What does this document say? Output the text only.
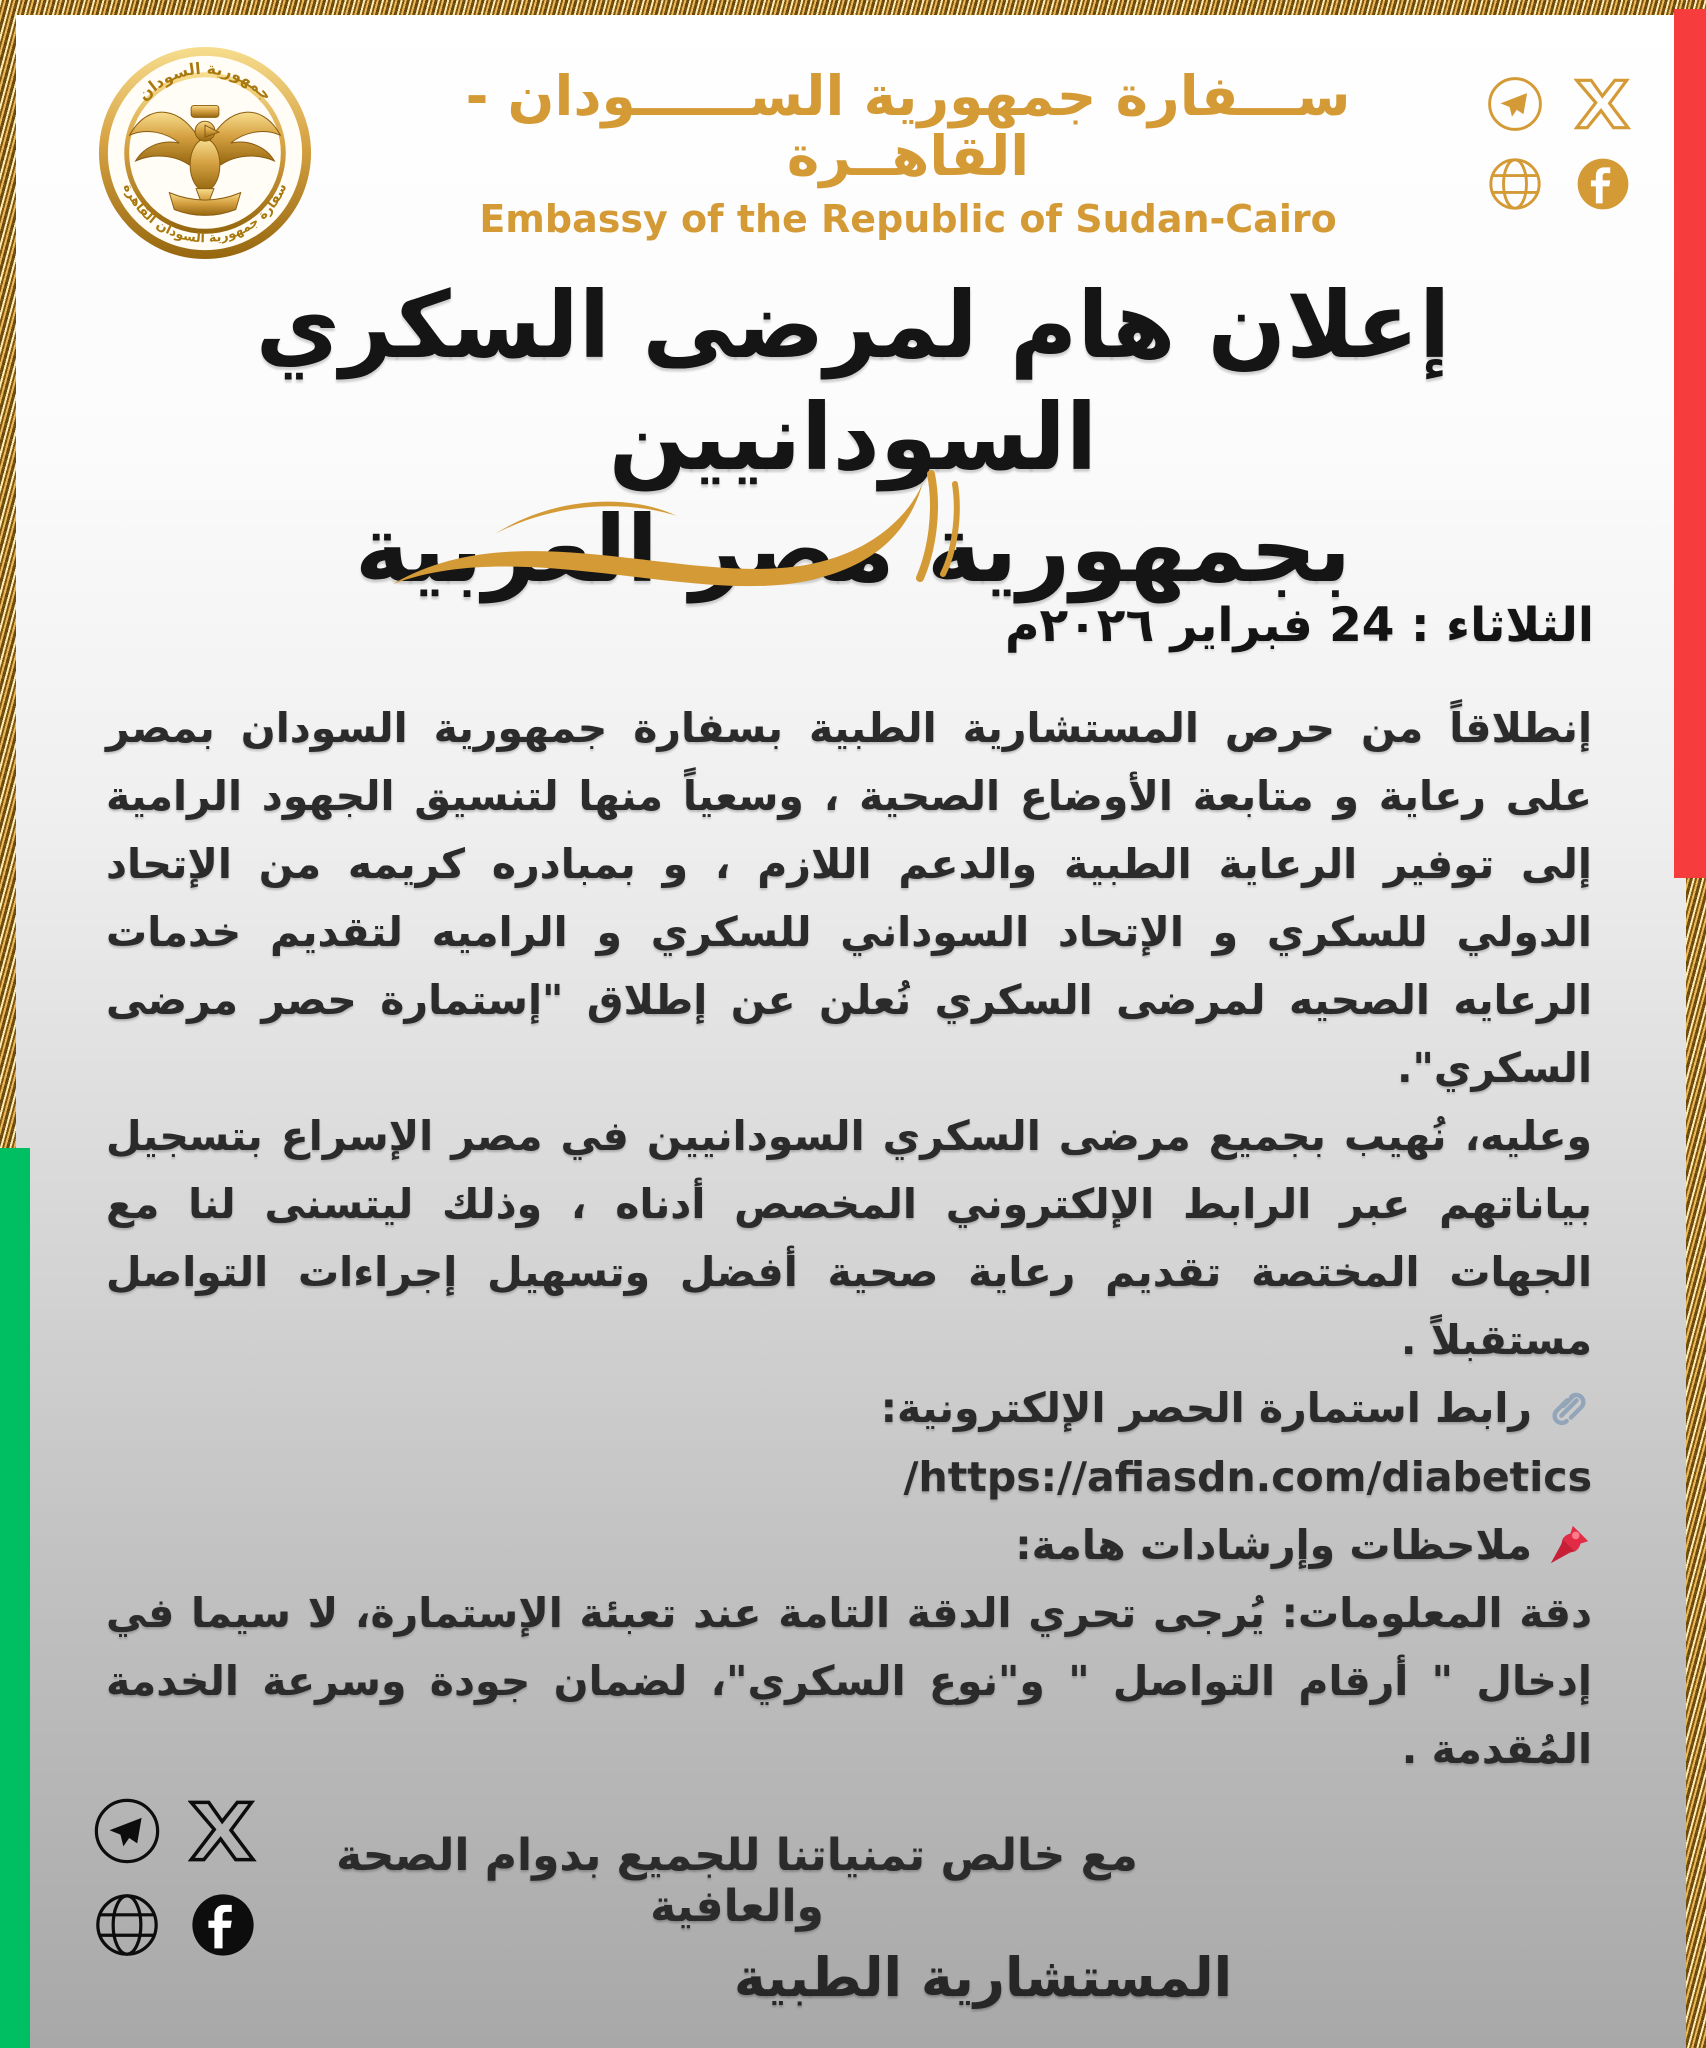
جمهورية السودان
سفارة جمهورية السودان القاهرة
ســـفارة جمهورية الســــــودان - القاهــرة
Embassy of the Republic of Sudan-Cairo
إعلان هام لمرضى السكري السودانيين
بجمهورية مصر العربية
الثلاثاء : 24 فبراير ٢٠٢٦م

إنطلاقاً من حرص المستشارية الطبية بسفارة جمهورية السودان بمصر على رعاية و متابعة الأوضاع الصحية ، وسعياً منها لتنسيق الجهود الرامية إلى توفير الرعاية الطبية والدعم اللازم ، و بمبادره كريمه من الإتحاد الدولي للسكري و الإتحاد السوداني للسكري و الراميه لتقديم خدمات الرعايه الصحيه لمرضى السكري نُعلن عن إطلاق "إستمارة حصر مرضى السكري".

وعليه، نُهيب بجميع مرضى السكري السودانيين في مصر الإسراع بتسجيل بياناتهم عبر الرابط الإلكتروني المخصص أدناه ، وذلك ليتسنى لنا مع الجهات المختصة تقديم رعاية صحية أفضل وتسهيل إجراءات التواصل مستقبلاً .

رابط استمارة الحصر الإلكترونية:

/https://afiasdn.com/diabetics

ملاحظات وإرشادات هامة:

دقة المعلومات: يُرجى تحري الدقة التامة عند تعبئة الإستمارة، لا سيما في إدخال " أرقام التواصل " و"نوع السكري"، لضمان جودة وسرعة الخدمة المُقدمة .

مع خالص تمنياتنا للجميع بدوام الصحة والعافية
المستشارية الطبية
